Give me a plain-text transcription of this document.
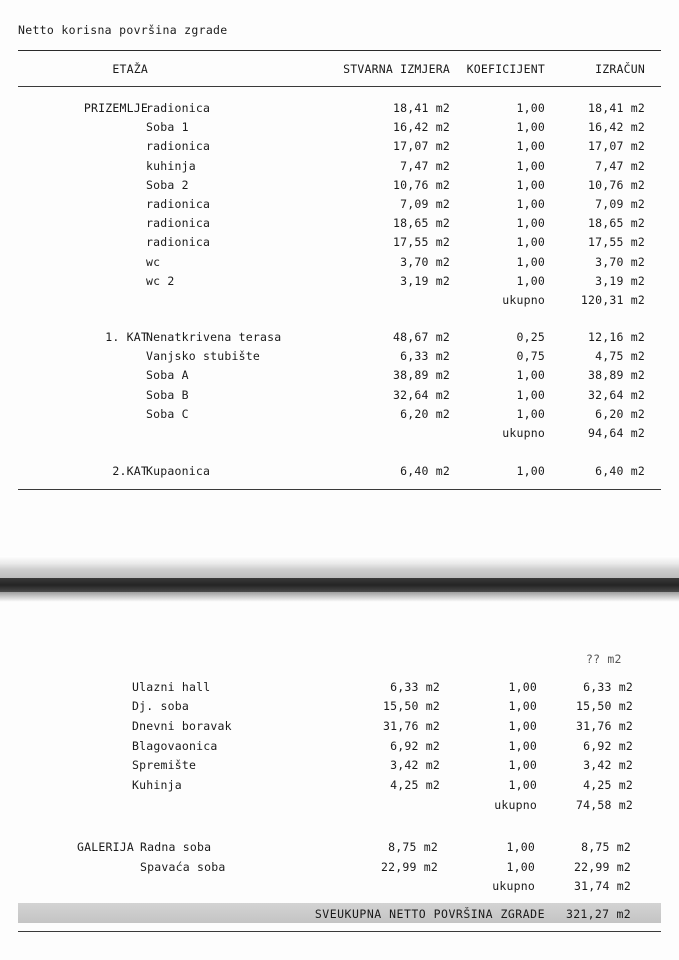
Netto korisna površina zgrade
ETAŽA	STVARNA IZMJERA	KOEFICIJENT	IZRAČUN
PRIZEMLJE
radionica	18,41 m2	1,00	18,41 m2
Soba 1	16,42 m2	1,00	16,42 m2
radionica	17,07 m2	1,00	17,07 m2
kuhinja	7,47 m2	1,00	7,47 m2
Soba 2	10,76 m2	1,00	10,76 m2
radionica	7,09 m2	1,00	7,09 m2
radionica	18,65 m2	1,00	18,65 m2
radionica	17,55 m2	1,00	17,55 m2
wc	3,70 m2	1,00	3,70 m2
wc 2	3,19 m2	1,00	3,19 m2
ukupno	120,31 m2
1. KAT
Nenatkrivena terasa	48,67 m2	0,25	12,16 m2
Vanjsko stubište	6,33 m2	0,75	4,75 m2
Soba A	38,89 m2	1,00	38,89 m2
Soba B	32,64 m2	1,00	32,64 m2
Soba C	6,20 m2	1,00	6,20 m2
ukupno	94,64 m2
2.KAT
Kupaonica	6,40 m2	1,00	6,40 m2
?? m2
Ulazni hall	6,33 m2	1,00	6,33 m2
Dj. soba	15,50 m2	1,00	15,50 m2
Dnevni boravak	31,76 m2	1,00	31,76 m2
Blagovaonica	6,92 m2	1,00	6,92 m2
Spremište	3,42 m2	1,00	3,42 m2
Kuhinja	4,25 m2	1,00	4,25 m2
ukupno	74,58 m2
GALERIJA Radna soba	8,75 m2	1,00	8,75 m2
Spavaća soba	22,99 m2	1,00	22,99 m2
ukupno	31,74 m2
SVEUKUPNA NETTO POVRŠINA ZGRADE	321,27 m2
